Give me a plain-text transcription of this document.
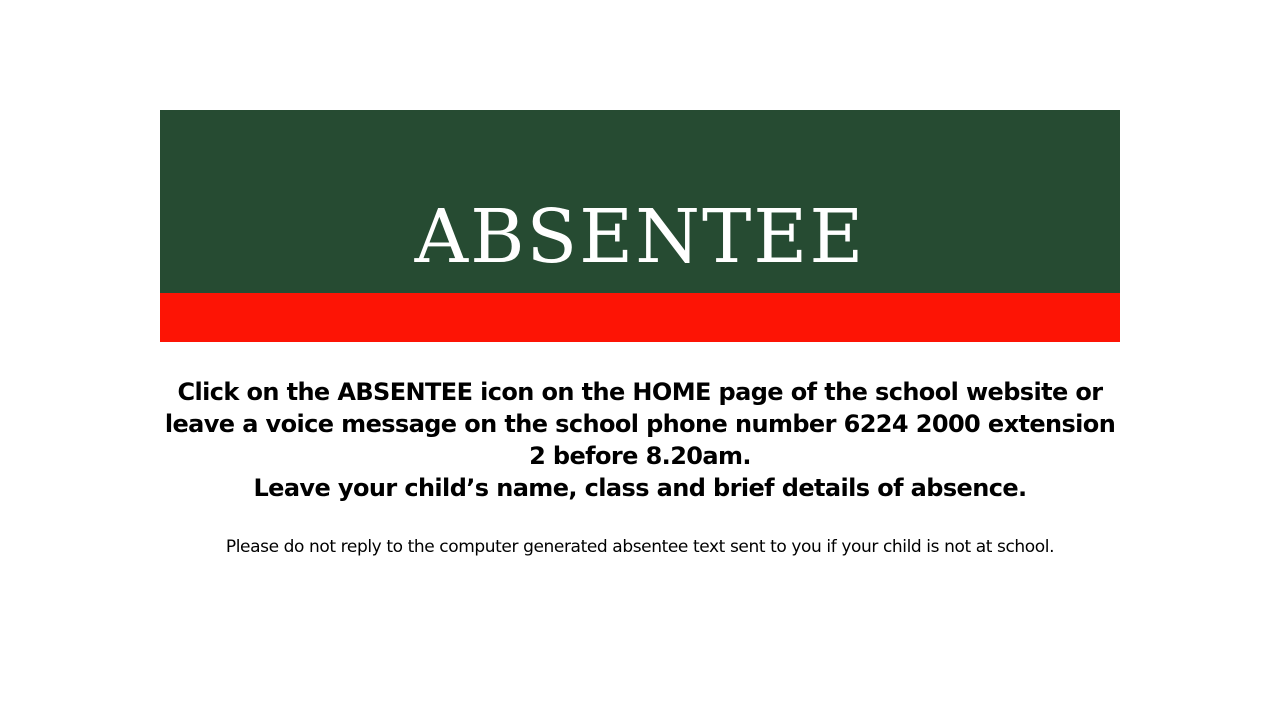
ABSENTEE

Click on the ABSENTEE icon on the HOME page of the school website or leave a voice message on the school phone number 6224 2000 extension 2 before 8.20am.

Leave your child’s name, class and brief details of absence.

Please do not reply to the computer generated absentee text sent to you if your child is not at school.
